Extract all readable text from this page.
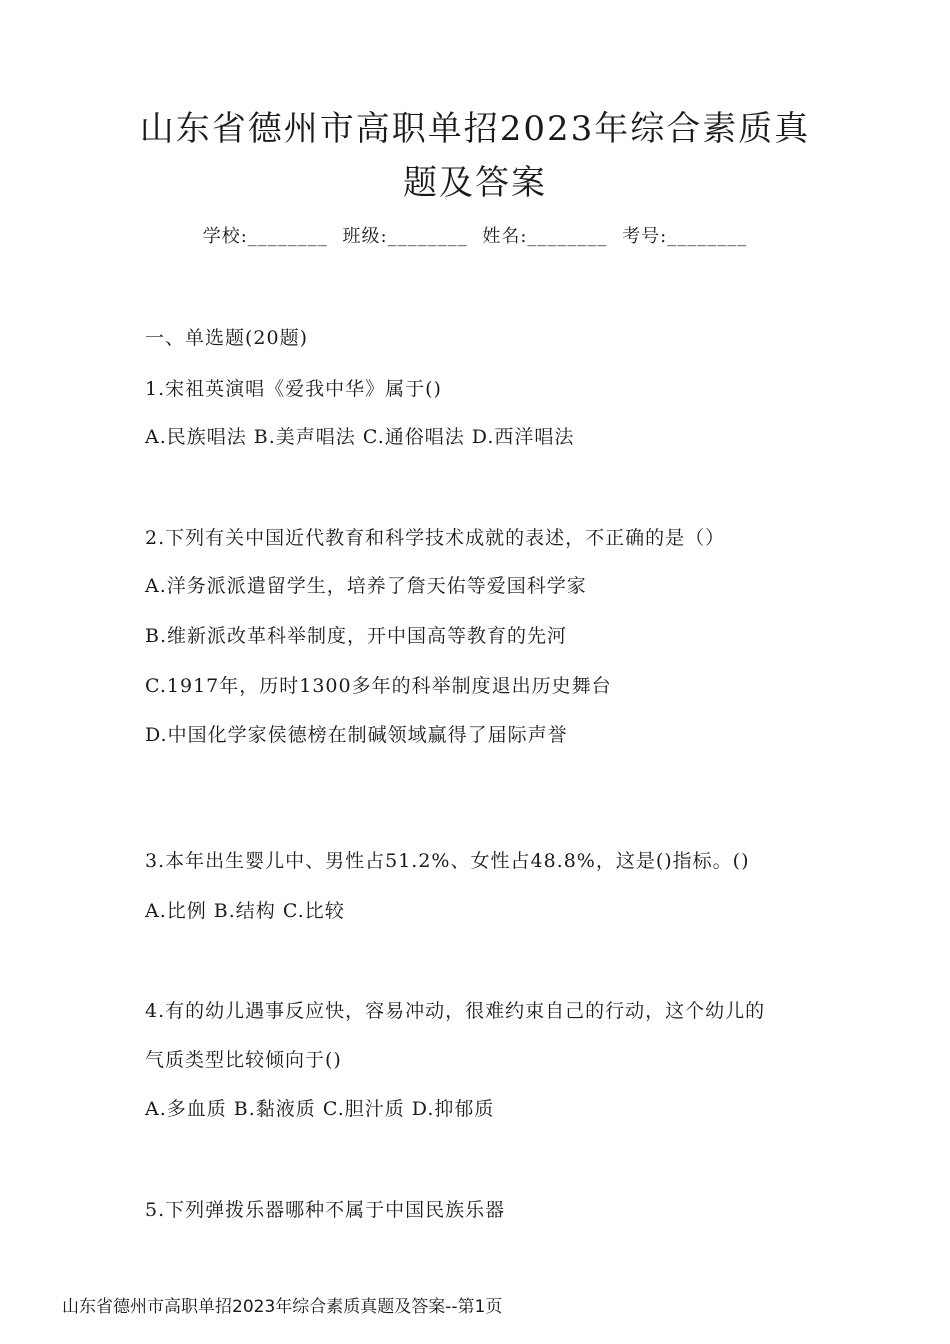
山东省德州市高职单招2023年综合素质真
题及答案
学校:________ 班级:________ 姓名:________ 考号:________
一、单选题(20题)
1.宋祖英演唱《爱我中华》属于()
A.民族唱法 B.美声唱法 C.通俗唱法 D.西洋唱法
2.下列有关中国近代教育和科学技术成就的表述，不正确的是（）
A.洋务派派遣留学生，培养了詹天佑等爱国科学家
B.维新派改革科举制度，开中国高等教育的先河
C.1917年，历时1300多年的科举制度退出历史舞台
D.中国化学家侯德榜在制碱领域赢得了届际声誉
3.本年出生婴儿中、男性占51.2%、女性占48.8%，这是()指标。()
A.比例 B.结构 C.比较
4.有的幼儿遇事反应快，容易冲动，很难约束自己的行动，这个幼儿的
气质类型比较倾向于()
A.多血质 B.黏液质 C.胆汁质 D.抑郁质
5.下列弹拨乐器哪种不属于中国民族乐器
山东省德州市高职单招2023年综合素质真题及答案--第1页
